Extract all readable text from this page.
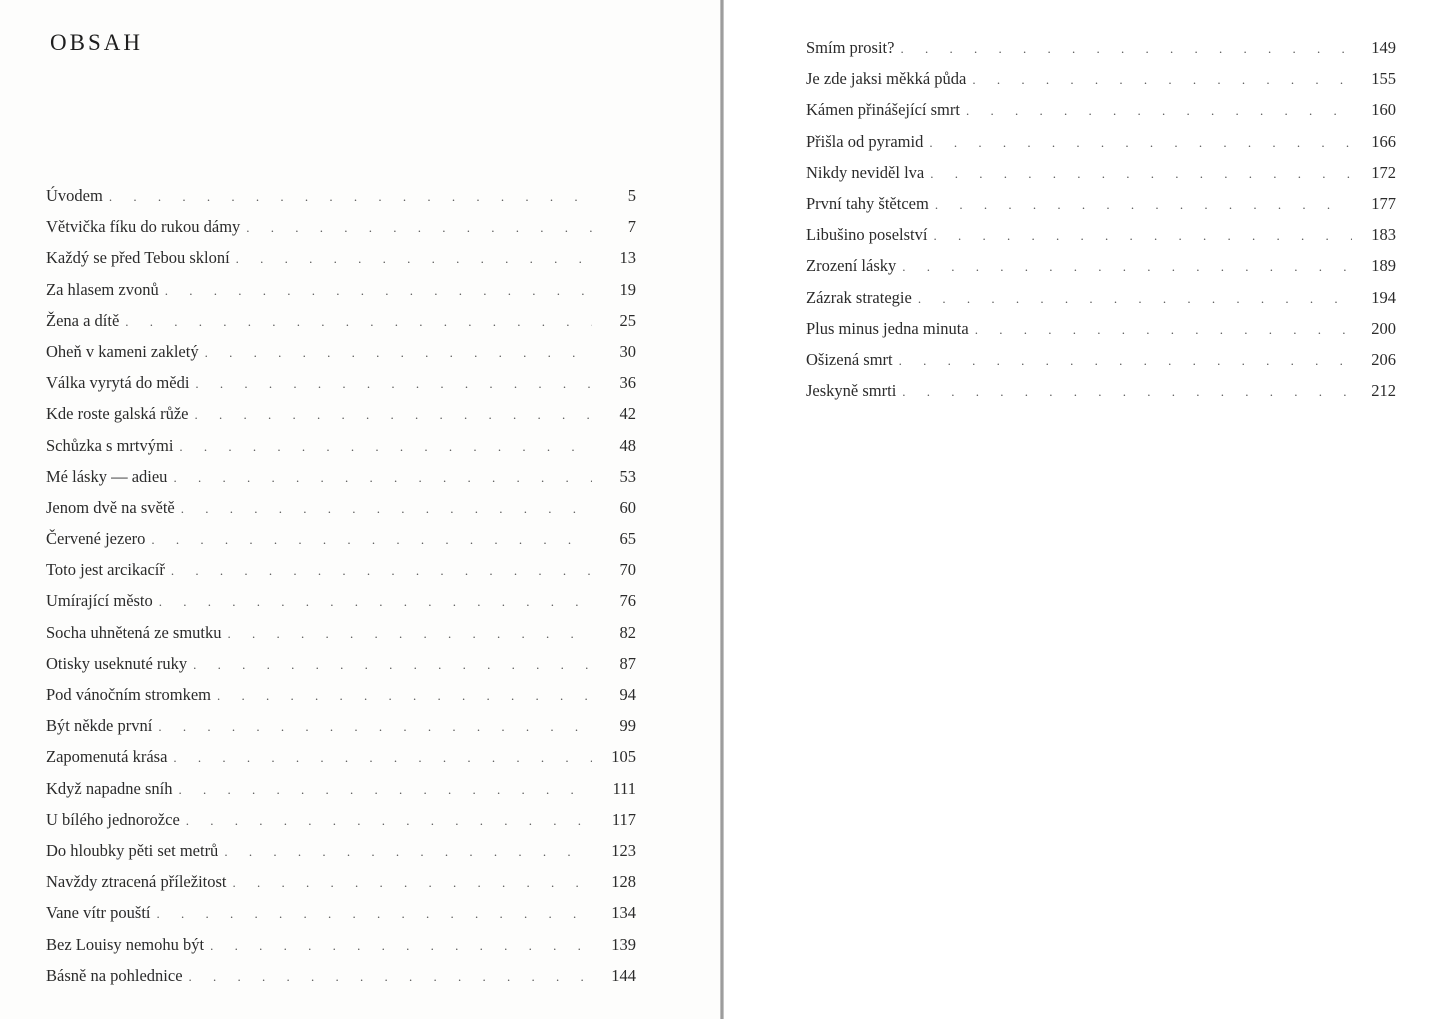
OBSAH
Úvodem . . .	5
Větvička fíku do rukou dámy . . .	7
Každý se před Tebou skloní . . .	13
Za hlasem zvonů . . .	19
Žena a dítě . . .	25
Oheň v kameni zakletý . . .	30
Válka vyrytá do mědi . . .	36
Kde roste galská růže . . .	42
Schůzka s mrtvými . . .	48
Mé lásky — adieu . . .	53
Jenom dvě na světě . . .	60
Červené jezero . . .	65
Toto jest arcikacíř . . .	70
Umírající město . . .	76
Socha uhnětená ze smutku . . .	82
Otisky useknuté ruky . . .	87
Pod vánočním stromkem . . .	94
Být někde první . . .	99
Zapomenutá krása . . .	105
Když napadne sníh . . .	111
U bílého jednorožce . . .	117
Do hloubky pěti set metrů . . .	123
Navždy ztracená příležitost . . .	128
Vane vítr pouští . . .	134
Bez Louisy nemohu být . . .	139
Básně na pohlednice . . .	144
Smím prosit? . . .	149
Je zde jaksi měkká půda . . .	155
Kámen přinášející smrt . . .	160
Přišla od pyramid . . .	166
Nikdy neviděl lva . . .	172
První tahy štětcem . . .	177
Libušino poselství . . .	183
Zrození lásky . . .	189
Zázrak strategie . . .	194
Plus minus jedna minuta . . .	200
Ošizená smrt . . .	206
Jeskyně smrti . . .	212
